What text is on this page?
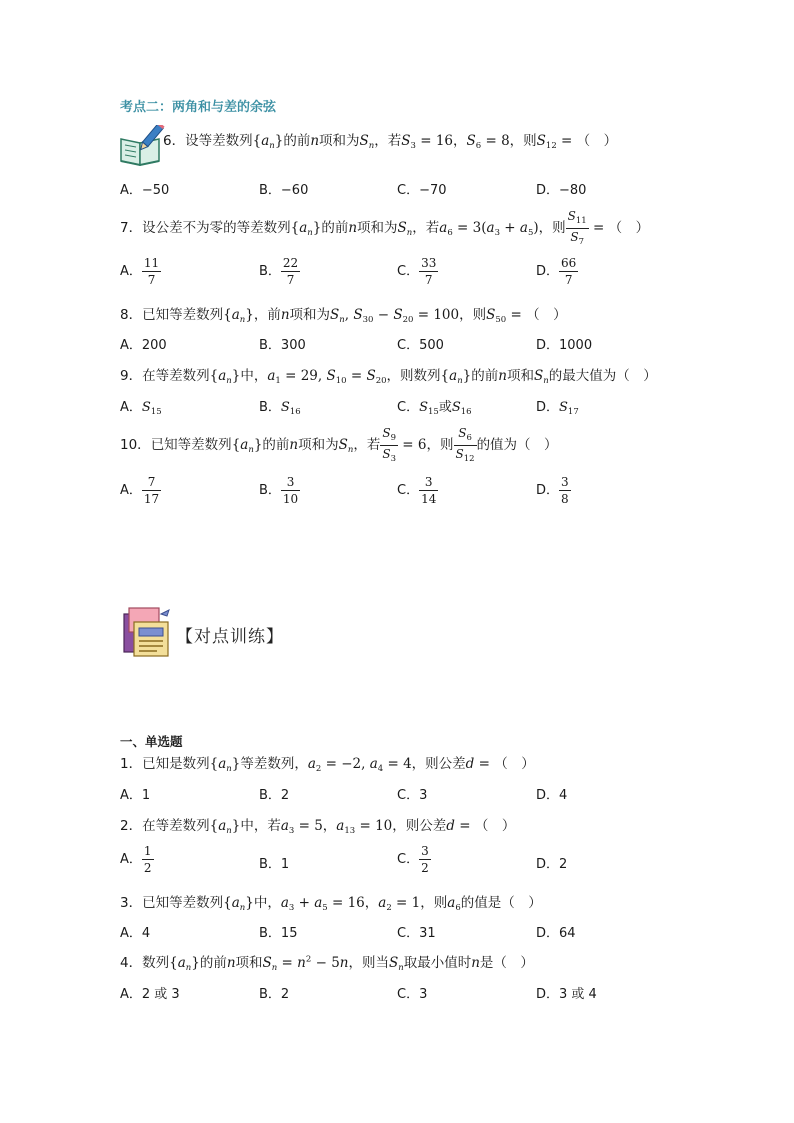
考点二：两角和与差的余弦
6．设等差数列$\{a_n\}$的前n项和为$S_n$，若$S_3 = 16$，$S_6 = 8$，则$S_{12}$ = （　）
A．−50	B．−60	C．−70	D．−80
7．设公差不为零的等差数列$\{a_n\}$的前n项和为$S_n$，若$a_6 = 3(a_3 + a_5)$，则 $\frac{S_{11}}{S_7}$ = （　）
A． $\frac{11}{7}$	B． $\frac{22}{7}$	C． $\frac{33}{7}$	D． $\frac{66}{7}$
8．已知等差数列$\{a_n\}$，前n项和为$S_n$, $S_{30} - S_{20} = 100$，则$S_{50}$ = （　）
A．200	B．300	C．500	D．1000
9．在等差数列$\{a_n\}$中，$a_1 = 29$, $S_{10} = S_{20}$，则数列$\{a_n\}$的前n项和$S_n$的最大值为（　）
A．$S_{15}$	B．$S_{16}$	C．$S_{15}$或$S_{16}$	D．$S_{17}$
10．已知等差数列$\{a_n\}$的前n项和为$S_n$，若 $\frac{S_9}{S_3} = 6$，则 $\frac{S_6}{S_{12}}$ 的值为（　）
A． $\frac{7}{17}$	B． $\frac{3}{10}$	C． $\frac{3}{14}$	D． $\frac{3}{8}$
【对点训练】
一、单选题
1．已知是数列$\{a_n\}$等差数列，$a_2 = -2$, $a_4 = 4$，则公差d = （　）
A．1	B．2	C．3	D．4
2．在等差数列$\{a_n\}$中，若$a_3 = 5$，$a_{13} = 10$，则公差d = （　）
A． $\frac{1}{2}$	B．1	C． $\frac{3}{2}$	D．2
3．已知等差数列$\{a_n\}$中，$a_3 + a_5 = 16$，$a_2 = 1$，则$a_6$的值是（　）
A．4	B．15	C．31	D．64
4．数列$\{a_n\}$的前n项和$S_n = n^2 - 5n$，则当$S_n$取最小值时n是（　）
A．2 或 3	B．2	C．3	D．3 或 4
